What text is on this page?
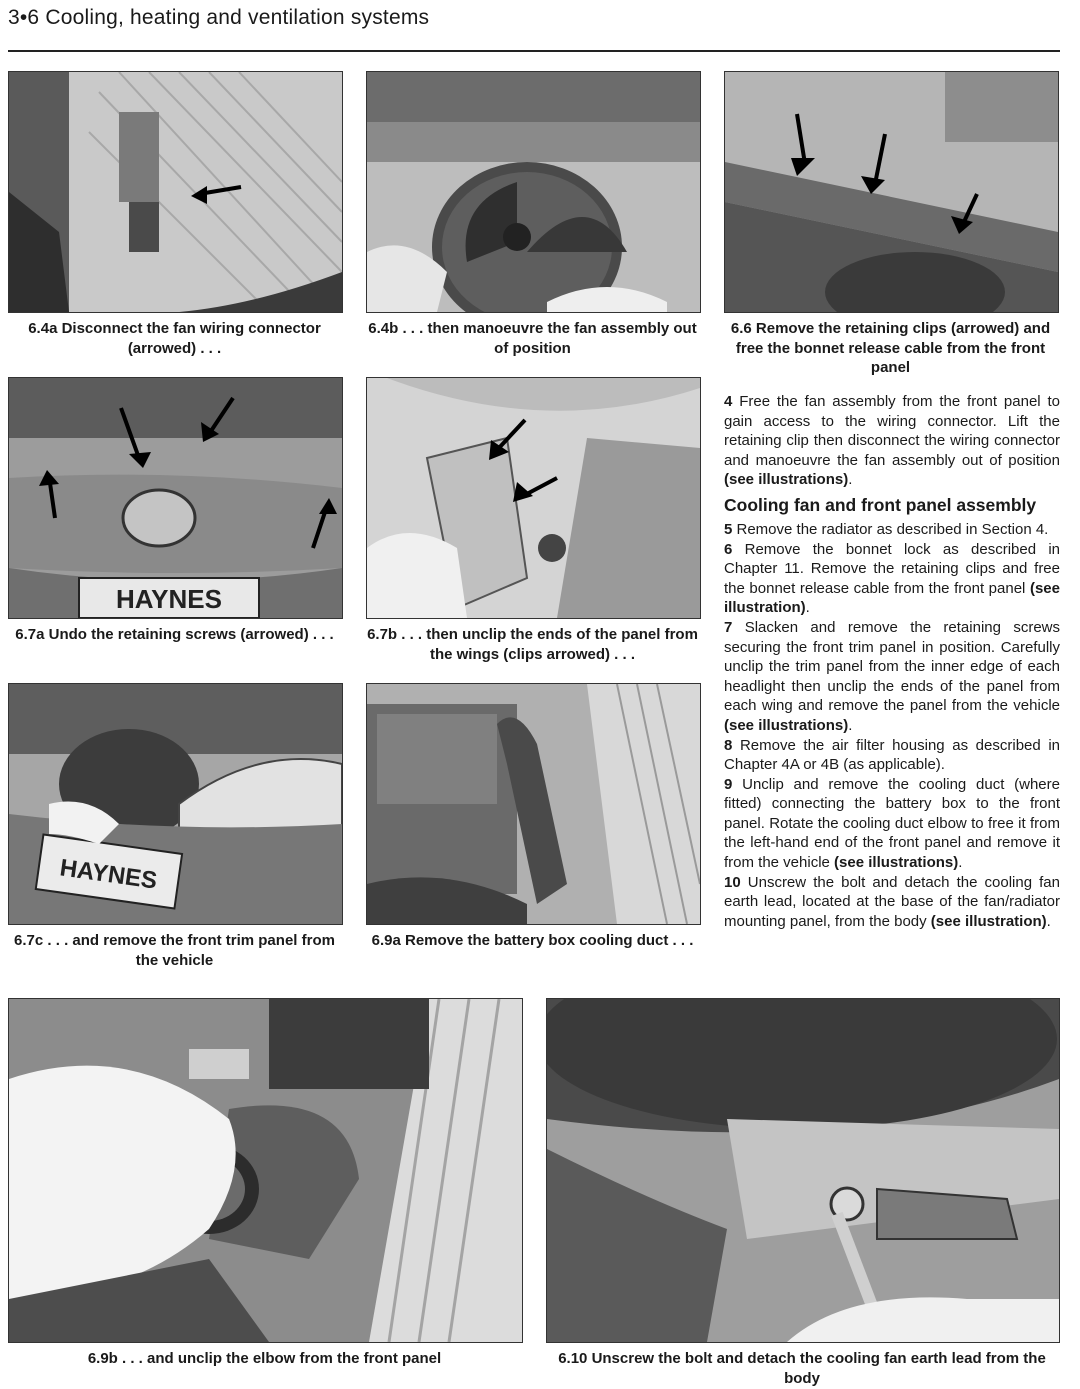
3•6 Cooling, heating and ventilation systems
6.4a Disconnect the fan wiring connector (arrowed) . . .
6.4b . . . then manoeuvre the fan assembly out of position
6.6 Remove the retaining clips (arrowed) and free the bonnet release cable from the front panel
HAYNES
6.7a Undo the retaining screws (arrowed) . . .	6.7b . . . then unclip the ends of the panel from the wings (clips arrowed) . . .
HAYNES
6.7c . . . and remove the front trim panel from the vehicle
6.9a Remove the battery box cooling duct . . .
6.9b . . . and unclip the elbow from the front panel	6.10 Unscrew the bolt and detach the cooling fan earth lead from the body

4 Free the fan assembly from the front panel to gain access to the wiring connector. Lift the retaining clip then disconnect the wiring connector and manoeuvre the fan assembly out of position (see illustrations).

Cooling fan and front panel assembly

5 Remove the radiator as described in Section 4.

6 Remove the bonnet lock as described in Chapter 11. Remove the retaining clips and free the bonnet release cable from the front panel (see illustration).

7 Slacken and remove the retaining screws securing the front trim panel in position. Carefully unclip the trim panel from the inner edge of each headlight then unclip the ends of the panel from each wing and remove the panel from the vehicle (see illustrations).

8 Remove the air filter housing as described in Chapter 4A or 4B (as applicable).

9 Unclip and remove the cooling duct (where fitted) connecting the battery box to the front panel. Rotate the cooling duct elbow to free it from the left-hand end of the front panel and remove it from the vehicle (see illustrations).

10 Unscrew the bolt and detach the cooling fan earth lead, located at the base of the fan/radiator mounting panel, from the body (see illustration).
